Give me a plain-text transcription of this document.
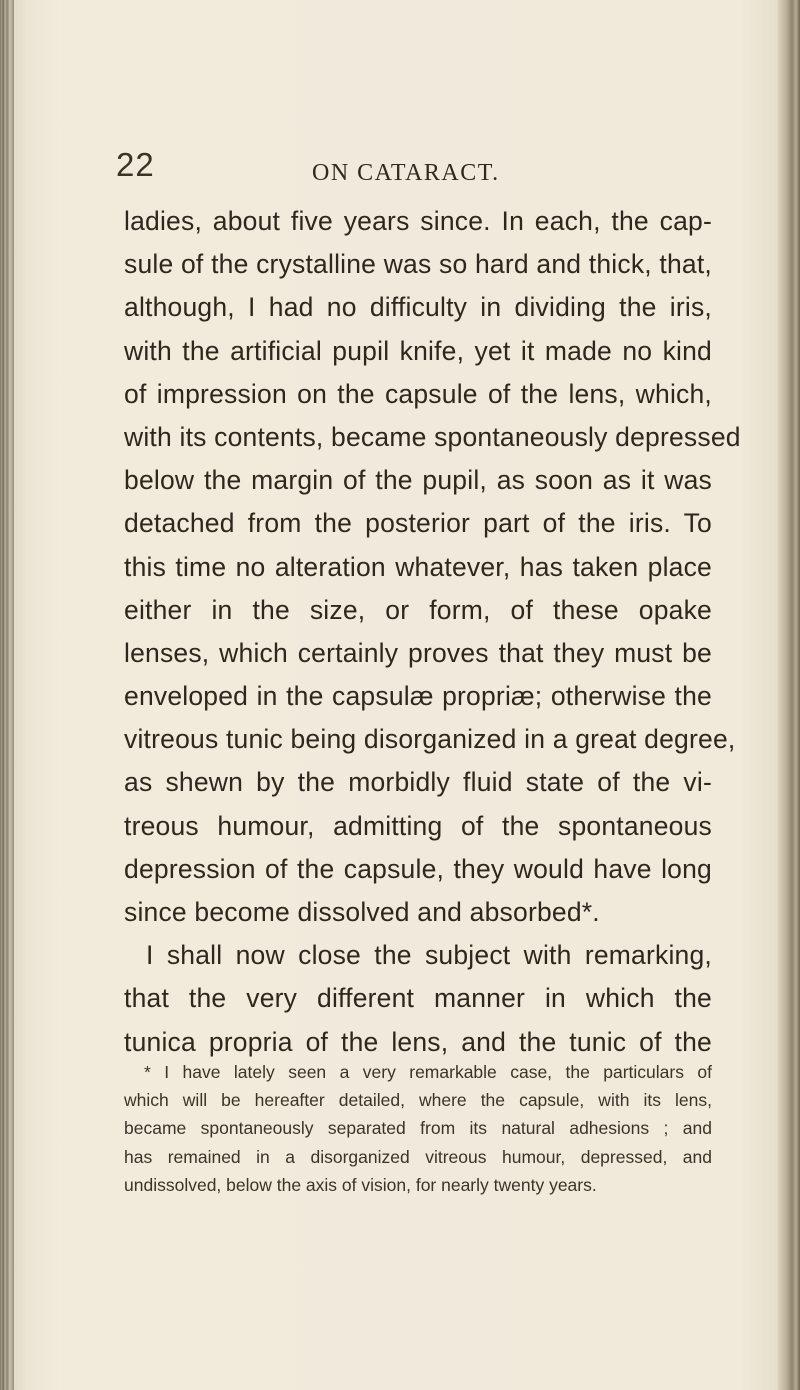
22	ON CATARACT.
ladies, about five years since. In each, the cap-
sule of the crystalline was so hard and thick, that,
although, I had no difficulty in dividing the iris,
with the artificial pupil knife, yet it made no kind
of impression on the capsule of the lens, which,
with its contents, became spontaneously depressed
below the margin of the pupil, as soon as it was
detached from the posterior part of the iris. To
this time no alteration whatever, has taken place
either in the size, or form, of these opake
lenses, which certainly proves that they must be
enveloped in the capsulæ propriæ; otherwise the
vitreous tunic being disorganized in a great degree,
as shewn by the morbidly fluid state of the vi-
treous humour, admitting of the spontaneous
depression of the capsule, they would have long
since become dissolved and absorbed*.
I shall now close the subject with remarking,
that the very different manner in which the
tunica propria of the lens, and the tunic of the
* I have lately seen a very remarkable case, the particulars of
which will be hereafter detailed, where the capsule, with its lens,
became spontaneously separated from its natural adhesions ; and
has remained in a disorganized vitreous humour, depressed, and
undissolved, below the axis of vision, for nearly twenty years.
